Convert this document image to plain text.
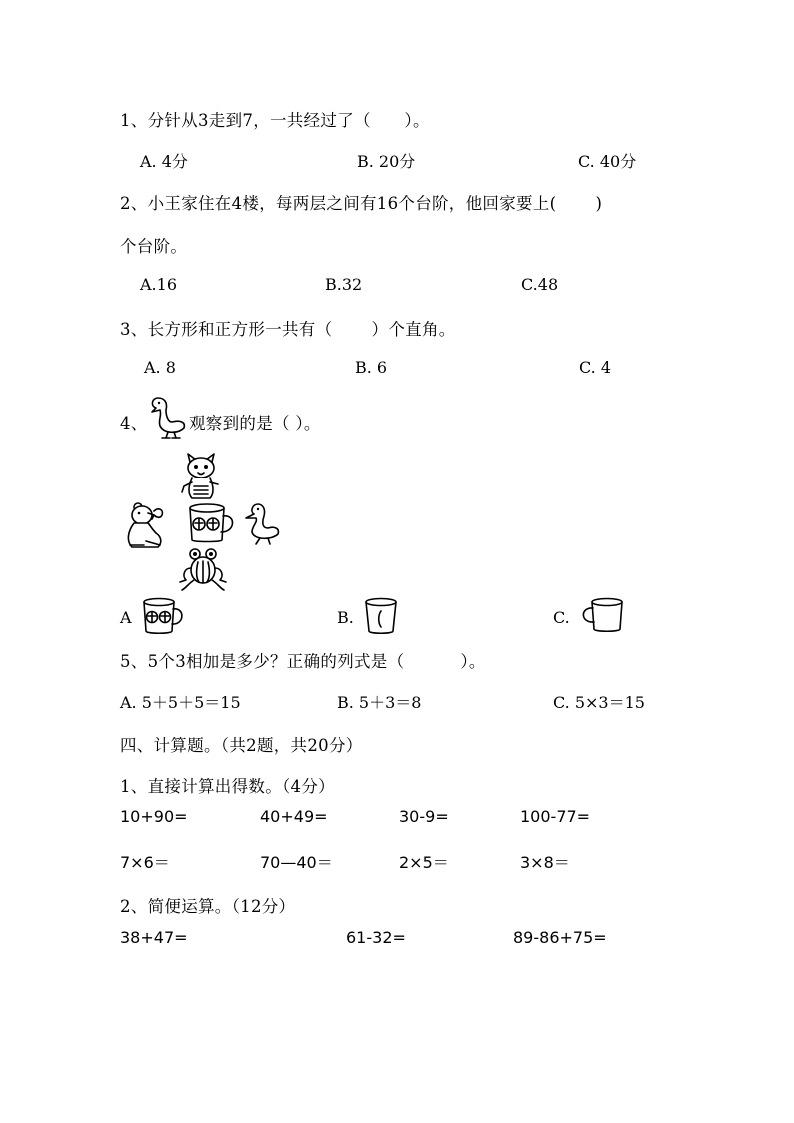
1、分针从3走到7，一共经过了（　　）。
A. 4分	B. 20分	C. 40分
2、小王家住在4楼，每两层之间有16个台阶，他回家要上(　　 )
个台阶。
A.16	B.32	C.48
3、长方形和正方形一共有（　　 ）个直角。
A. 8	B. 6	C. 4
4、	观察到的是（ ）。
A	B.	C.
5、5个3相加是多少？正确的列式是（　　　 ）。
A. 5＋5＋5＝15	B. 5＋3＝8	C. 5×3＝15
四、计算题。（共2题，共20分）
1、直接计算出得数。（4分）
10+90=	40+49=	30-9=	100-77=
7×6＝	70—40＝	2×5＝	3×8＝
2、简便运算。（12分）
38+47=	61-32=	89-86+75=
